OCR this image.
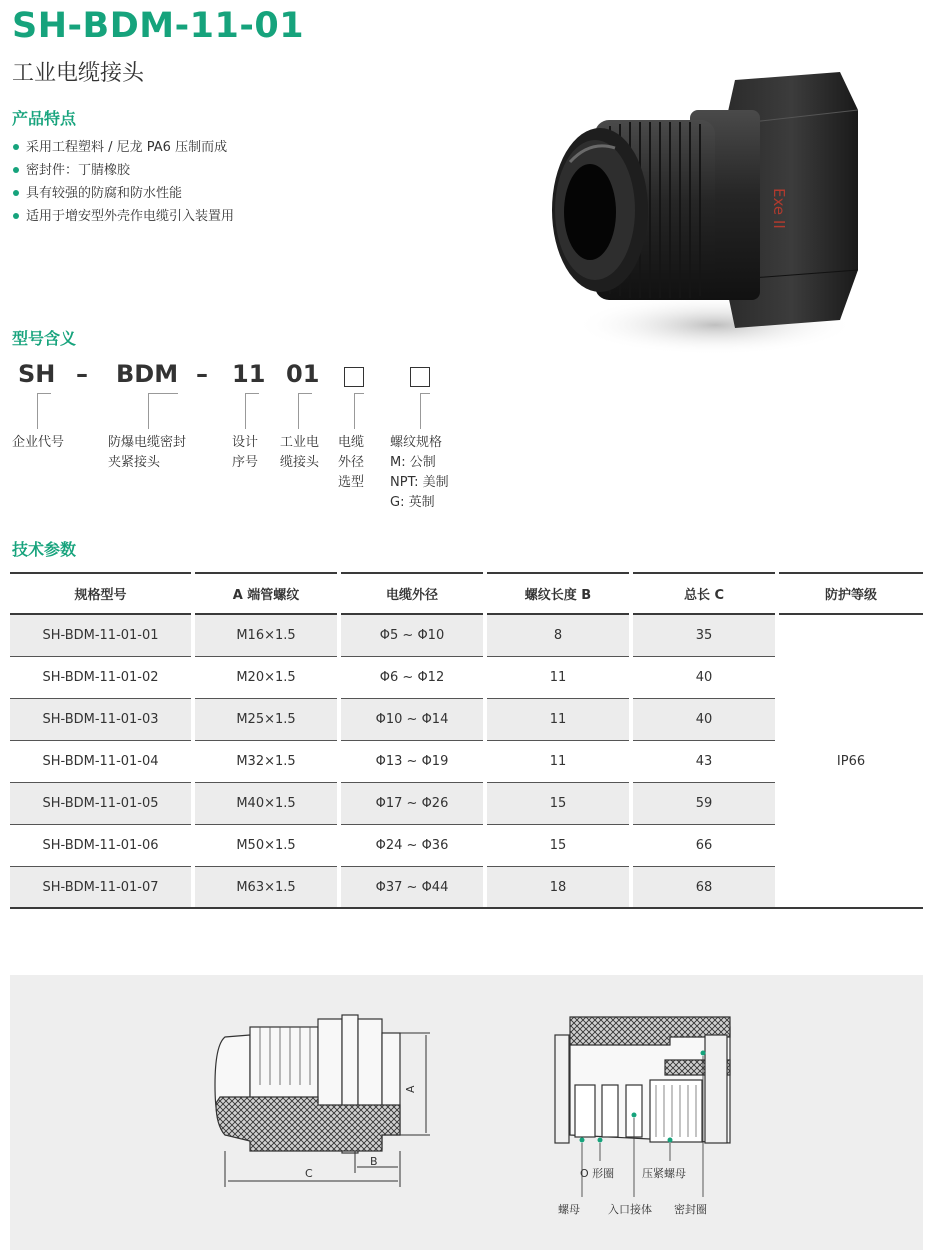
SH-BDM-11-01
工业电缆接头
产品特点
采用工程塑料 / 尼龙 PA6 压制而成
密封件：丁腈橡胶
具有较强的防腐和防水性能
适用于增安型外壳作电缆引入装置用	Exe II
型号含义
SH – BDM – 11 01
企业代号	防爆电缆密封
夹紧接头
设计
序号
工业电
缆接头
电缆
外径
选型
螺纹规格
M: 公制
NPT: 美制
G: 英制
技术参数
规格型号		A 端管螺纹		电缆外径		螺纹长度 B		总长 C		防护等级
SH-BDM-11-01-01		M16×1.5		Φ5 ~ Φ10		8		35		IP66
SH-BDM-11-01-02		M20×1.5		Φ6 ~ Φ12		11		40		
SH-BDM-11-01-03		M25×1.5		Φ10 ~ Φ14		11		40		
SH-BDM-11-01-04		M32×1.5		Φ13 ~ Φ19		11		43		
SH-BDM-11-01-05		M40×1.5		Φ17 ~ Φ26		15		59		
SH-BDM-11-01-06		M50×1.5		Φ24 ~ Φ36		15		66		
SH-BDM-11-01-07		M63×1.5		Φ37 ~ Φ44		18		68		
A
C
B
O 形圈	压紧螺母
螺母	入口接体 密封圈
